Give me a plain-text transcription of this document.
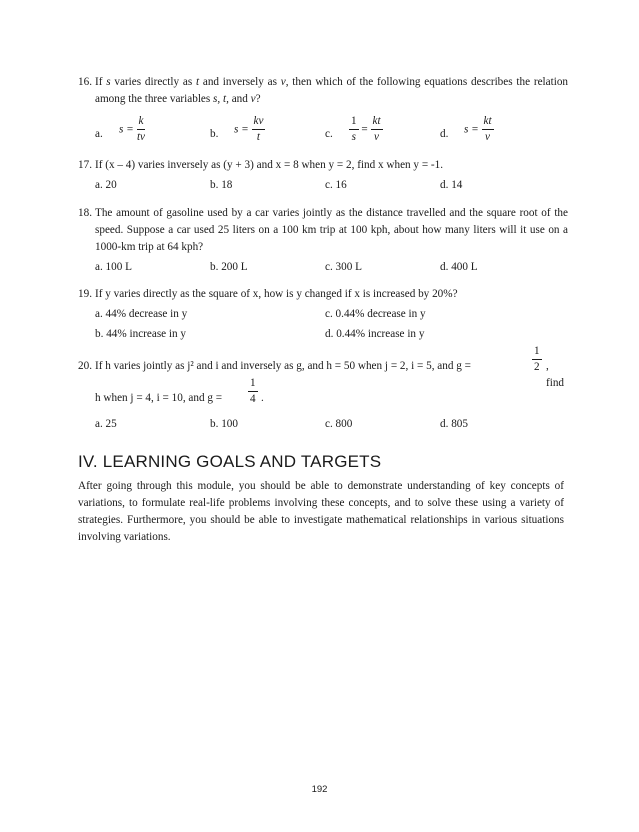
16. If s varies directly as t and inversely as v, then which of the following equations describes the relation among the three variables s, t, and v?
a. $s = \frac{k}{tv}$	b. $s = \frac{kv}{t}$	c. $\frac{1}{s} = \frac{kt}{v}$	d. $s = \frac{kt}{v}$
17. If (x – 4) varies inversely as (y + 3) and x = 8 when y = 2, find x when y = -1.
a. 20	b. 18	c. 16	d. 14
18. The amount of gasoline used by a car varies jointly as the distance travelled and the square root of the speed. Suppose a car used 25 liters on a 100 km trip at 100 kph, about how many liters will it use on a 1000-km trip at 64 kph?
a. 100 L	b. 200 L	c. 300 L	d. 400 L
19. If y varies directly as the square of x, how is y changed if x is increased by 20%?
a. 44% decrease in y	c. 0.44% decrease in y
b. 44% increase in y	d. 0.44% increase in y
20. If h varies jointly as j² and i and inversely as g, and h = 50 when j = 2, i = 5, and g =	$\frac{1}{2}$ , find
h when j = 4, i = 10, and $g = \frac{1}{4}$ .
a. 25	b. 100	c. 800	d. 805
IV. LEARNING GOALS AND TARGETS

After going through this module, you should be able to demonstrate understanding of key concepts of variations, to formulate real-life problems involving these concepts, and to solve these using a variety of strategies. Furthermore, you should be able to investigate mathematical relationships in various situations involving variations.

192
